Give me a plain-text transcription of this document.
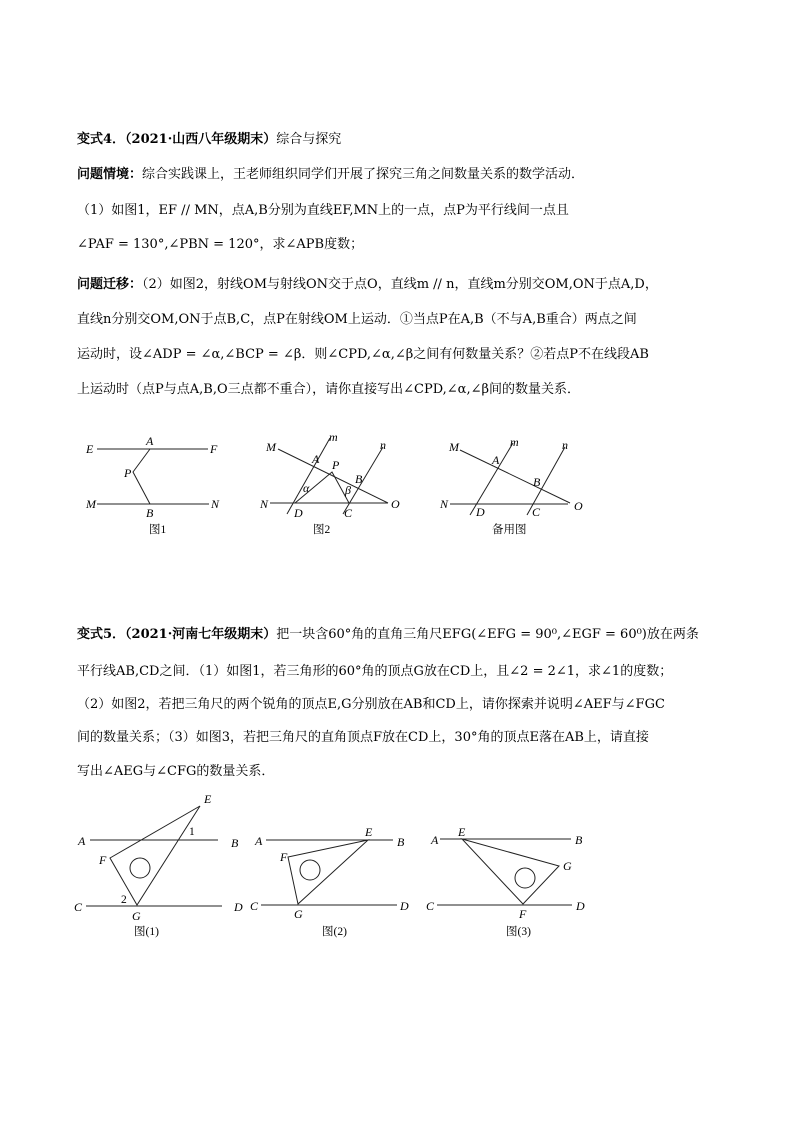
变式4．（2021·山西八年级期末）综合与探究
问题情境：综合实践课上，王老师组织同学们开展了探究三角之间数量关系的数学活动．
（1）如图1，EF // MN，点A,B分别为直线EF,MN上的一点，点P为平行线间一点且
∠PAF = 130°,∠PBN = 120°，求∠APB度数；
问题迁移：（2）如图2，射线OM与射线ON交于点O，直线m // n，直线m分别交OM,ON于点A,D，
直线n分别交OM,ON于点B,C，点P在射线OM上运动．①当点P在A,B（不与A,B重合）两点之间
运动时，设∠ADP = ∠α,∠BCP = ∠β．则∠CPD,∠α,∠β之间有何数量关系？②若点P不在线段AB
上运动时（点P与点A,B,O三点都不重合），请你直接写出∠CPD,∠α,∠β间的数量关系．
变式5．（2021·河南七年级期末）把一块含60°角的直角三角尺EFG(∠EFG = 90⁰,∠EGF = 60⁰)放在两条
平行线AB,CD之间．（1）如图1，若三角形的60°角的顶点G放在CD上，且∠2 = 2∠1，求∠1的度数；
（2）如图2，若把三角尺的两个锐角的顶点E,G分别放在AB和CD上，请你探索并说明∠AEF与∠FGC
间的数量关系；（3）如图3，若把三角尺的直角顶点F放在CD上，30°角的顶点E落在AB上，请直接
写出∠AEG与∠CFG的数量关系．
E
A
F
P
M
B
N
图1
M
m
n
A P
B
α	β
N
D	C
O
图2
M	m	n
A
B
N
D	C	O
备用图
E
A	B
1
F
2
C
G
D
图(1)
A
E
B
F
C
G
D
图(2)
A
E
B
G
C
F
D
图(3)
